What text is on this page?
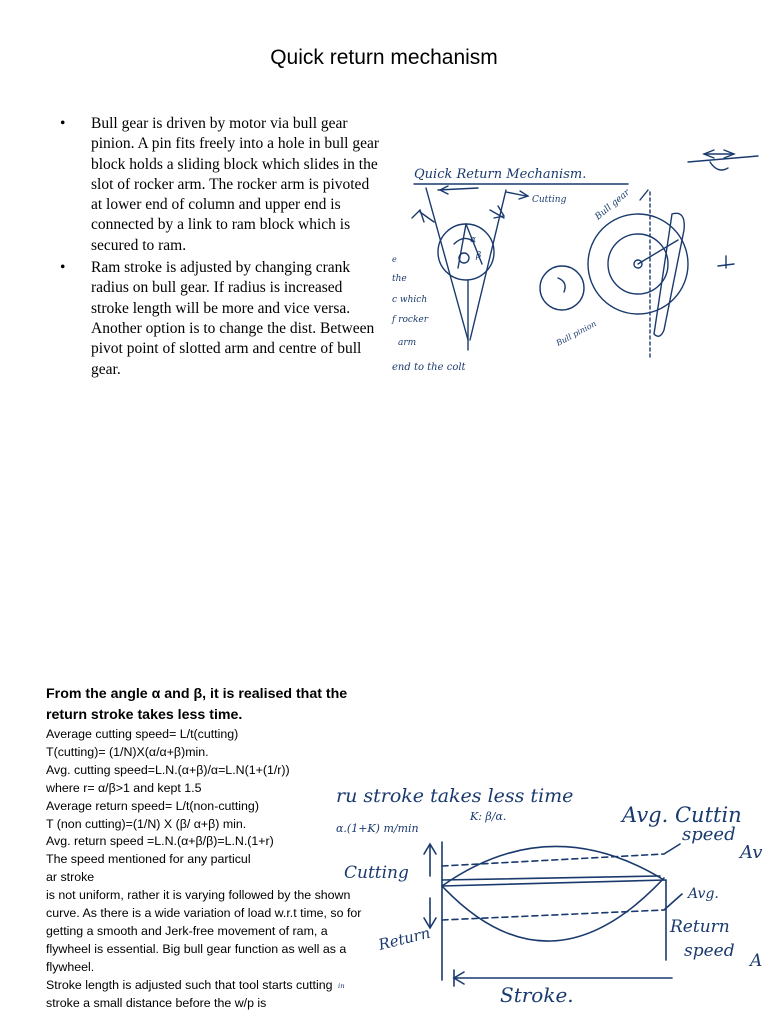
Quick return mechanism
• Bull gear is driven by motor via bull gear pinion. A pin fits freely into a hole in bull gear block holds a sliding block which slides in the slot of rocker arm. The rocker arm is pivoted at lower end of column and upper end is connected by a link to ram block which is secured to ram.
• Ram stroke is adjusted by changing crank radius on bull gear. If radius is increased stroke length will be more and vice versa. Another option is to change the dist. Between pivot point of slotted arm and centre of bull gear.
Quick Return Mechanism.
Cutting
α
β
Bull gear
Bull pinion
e
the
c which
f rocker
arm
end to the colt

From the angle α and β, it is realised that the return stroke takes less time.

Average cutting speed= L/t(cutting)

T(cutting)= (1/N)X(α/α+β)min.

Avg. cutting speed=L.N.(α+β)/α=L.N(1+(1/r))

where r= α/β>1 and kept 1.5

Average return speed= L/t(non-cutting)

T (non cutting)=(1/N) X (β/ α+β) min.

Avg. return speed =L.N.(α+β/β)=L.N.(1+r)

The speed mentioned for any particul

ar stroke

is not uniform, rather it is varying followed by the shown curve. As there is a wide variation of load w.r.t time, so for getting a smooth and Jerk-free movement of ram, a flywheel is essential. Big bull gear function as well as a flywheel.

Stroke length is adjusted such that tool starts cutting stroke a small distance before the w/p is

ru stroke takes less time
α.(1+K) m/min
K: β/α.	Avg. Cuttin
speed
Av
Cutting
Return
Avg.
Return
speed A
Stroke.
ᵢₙ
